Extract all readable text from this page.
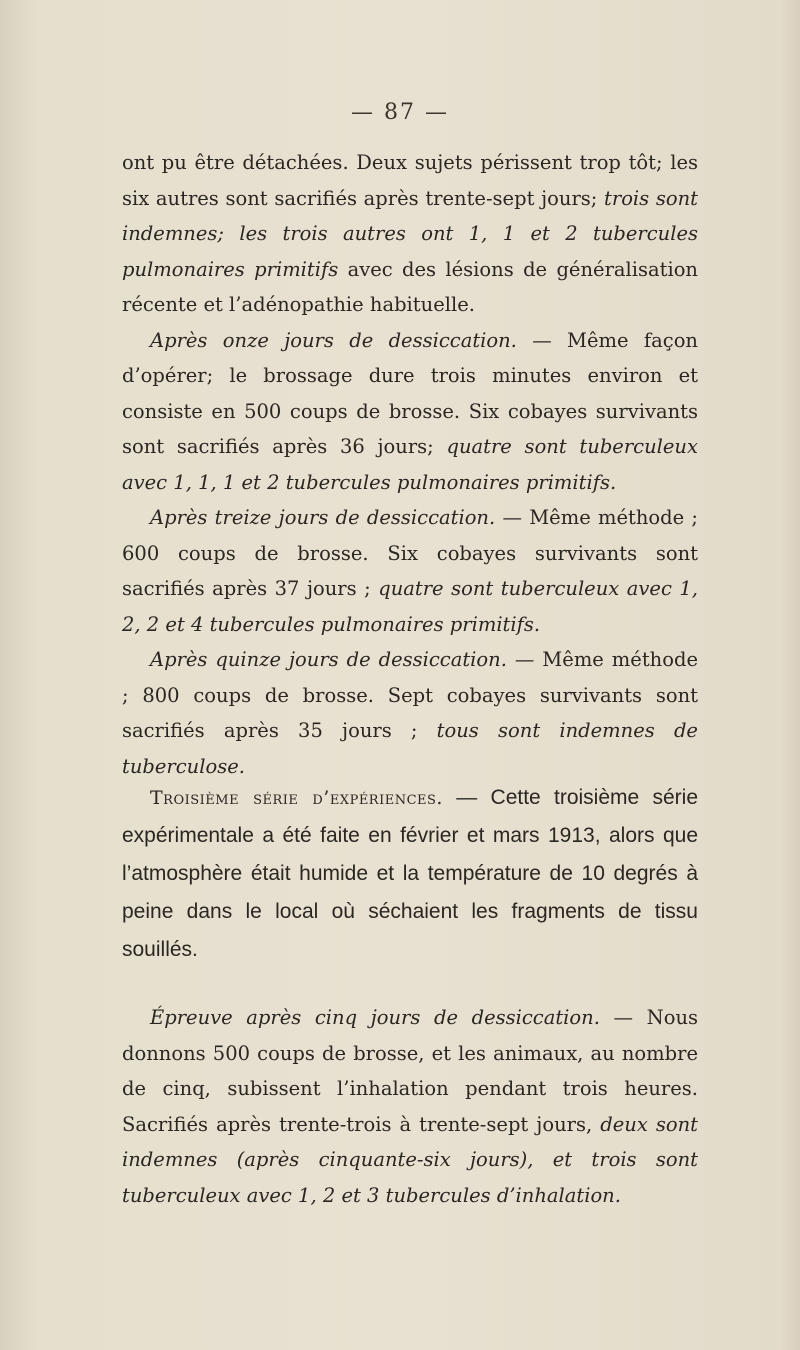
— 87 —

ont pu être détachées. Deux sujets périssent trop tôt; les six autres sont sacrifiés après trente-sept jours; trois sont indemnes; les trois autres ont 1, 1 et 2 tubercules pulmonaires primitifs avec des lésions de généralisation récente et l’adénopathie habituelle.

Après onze jours de dessiccation. — Même façon d’opérer; le brossage dure trois minutes environ et consiste en 500 coups de brosse. Six cobayes survivants sont sacrifiés après 36 jours; quatre sont tuberculeux avec 1, 1, 1 et 2 tubercules pulmonaires primitifs.

Après treize jours de dessiccation. — Même méthode ; 600 coups de brosse. Six cobayes survivants sont sacrifiés après 37 jours ; quatre sont tuberculeux avec 1, 2, 2 et 4 tubercules pulmonaires primitifs.

Après quinze jours de dessiccation. — Même méthode ; 800 coups de brosse. Sept cobayes survivants sont sacrifiés après 35 jours ; tous sont indemnes de tuberculose.

Troisième série d’expériences. — Cette troisième série expérimentale a été faite en février et mars 1913, alors que l’atmosphère était humide et la température de 10 degrés à peine dans le local où séchaient les fragments de tissu souillés.

Épreuve après cinq jours de dessiccation. — Nous donnons 500 coups de brosse, et les animaux, au nombre de cinq, subissent l’inhalation pendant trois heures. Sacrifiés après trente-trois à trente-sept jours, deux sont indemnes (après cinquante-six jours), et trois sont tuberculeux avec 1, 2 et 3 tubercules d’inhalation.
